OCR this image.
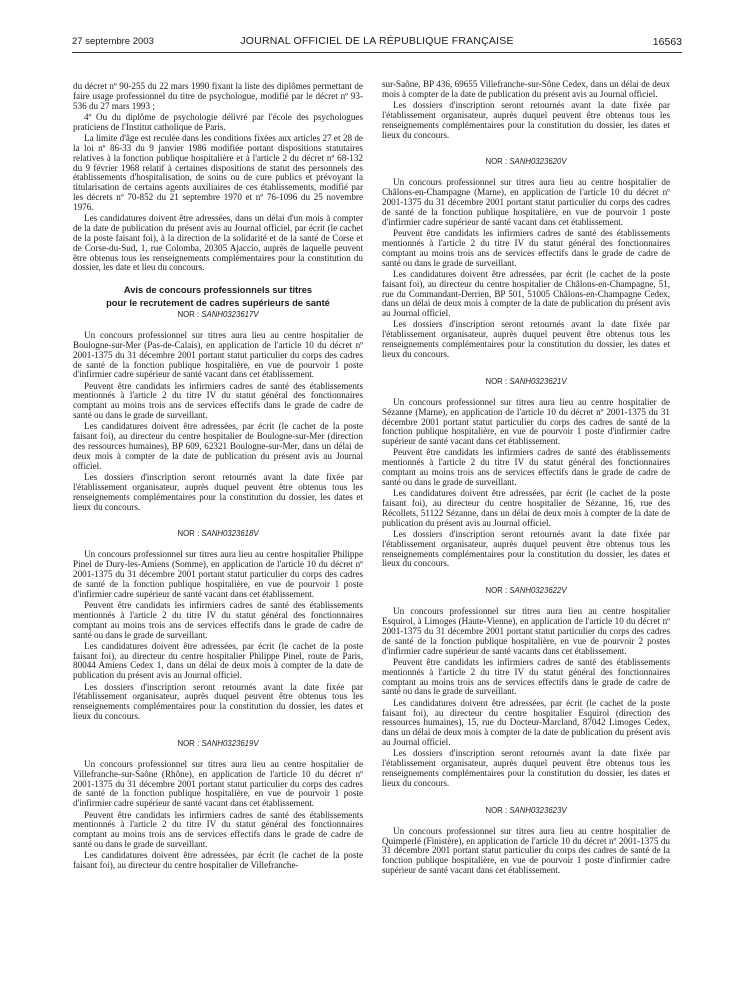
27 septembre 2003	JOURNAL OFFICIEL DE LA RÉPUBLIQUE FRANÇAISE	16563

du décret nº 90-255 du 22 mars 1990 fixant la liste des diplômes permettant de faire usage professionnel du titre de psychologue, modifié par le décret nº 93-536 du 27 mars 1993 ;

4º Ou du diplôme de psychologie délivré par l'école des psychologues praticiens de l'Institut catholique de Paris.

La limite d'âge est reculée dans les conditions fixées aux articles 27 et 28 de la loi nº 86-33 du 9 janvier 1986 modifiée portant dispositions statutaires relatives à la fonction publique hospitalière et à l'article 2 du décret nº 68-132 du 9 février 1968 relatif à certaines dispositions de statut des personnels des établissements d'hospitalisation, de soins ou de cure publics et prévoyant la titularisation de certains agents auxiliaires de ces établissements, modifié par les décrets nº 70-852 du 21 septembre 1970 et nº 76-1096 du 25 novembre 1976.

Les candidatures doivent être adressées, dans un délai d'un mois à compter de la date de publication du présent avis au Journal officiel, par écrit (le cachet de la poste faisant foi), à la direction de la solidarité et de la santé de Corse et de Corse-du-Sud, 1, rue Colomba, 20305 Ajaccio, auprès de laquelle peuvent être obtenus tous les renseignements complémentaires pour la constitution du dossier, les date et lieu du concours.

Avis de concours professionnels sur titres
pour le recrutement de cadres supérieurs de santé
NOR : SANH0323617V

Un concours professionnel sur titres aura lieu au centre hospitalier de Boulogne-sur-Mer (Pas-de-Calais), en application de l'article 10 du décret nº 2001-1375 du 31 décembre 2001 portant statut particulier du corps des cadres de santé de la fonction publique hospitalière, en vue de pourvoir 1 poste d'infirmier cadre supérieur de santé vacant dans cet établissement.

Peuvent être candidats les infirmiers cadres de santé des établissements mentionnés à l'article 2 du titre IV du statut général des fonctionnaires comptant au moins trois ans de services effectifs dans le grade de cadre de santé ou dans le grade de surveillant.

Les candidatures doivent être adressées, par écrit (le cachet de la poste faisant foi), au directeur du centre hospitalier de Boulogne-sur-Mer (direction des ressources humaines), BP 609, 62321 Boulogne-sur-Mer, dans un délai de deux mois à compter de la date de publication du présent avis au Journal officiel.

Les dossiers d'inscription seront retournés avant la date fixée par l'établissement organisateur, auprès duquel peuvent être obtenus tous les renseignements complémentaires pour la constitution du dossier, les dates et lieux du concours.

NOR : SANH0323618V

Un concours professionnel sur titres aura lieu au centre hospitalier Philippe Pinel de Dury-les-Amiens (Somme), en application de l'article 10 du décret nº 2001-1375 du 31 décembre 2001 portant statut particulier du corps des cadres de santé de la fonction publique hospitalière, en vue de pourvoir 1 poste d'infirmier cadre supérieur de santé vacant dans cet établissement.

Peuvent être candidats les infirmiers cadres de santé des établissements mentionnés à l'article 2 du titre IV du statut général des fonctionnaires comptant au moins trois ans de services effectifs dans le grade de cadre de santé ou dans le grade de surveillant.

Les candidatures doivent être adressées, par écrit (le cachet de la poste faisant foi), au directeur du centre hospitalier Philippe Pinel, route de Paris, 80044 Amiens Cedex 1, dans un délai de deux mois à compter de la date de publication du présent avis au Journal officiel.

Les dossiers d'inscription seront retournés avant la date fixée par l'établissement organisateur, auprès duquel peuvent être obtenus tous les renseignements complémentaires pour la constitution du dossier, les dates et lieux du concours.

NOR : SANH0323619V

Un concours professionnel sur titres aura lieu au centre hospitalier de Villefranche-sur-Saône (Rhône), en application de l'article 10 du décret nº 2001-1375 du 31 décembre 2001 portant statut particulier du corps des cadres de santé de la fonction publique hospitalière, en vue de pourvoir 1 poste d'infirmier cadre supérieur de santé vacant dans cet établissement.

Peuvent être candidats les infirmiers cadres de santé des établissements mentionnés à l'article 2 du titre IV du statut général des fonctionnaires comptant au moins trois ans de services effectifs dans le grade de cadre de santé ou dans le grade de surveillant.

Les candidatures doivent être adressées, par écrit (le cachet de la poste faisant foi), au directeur du centre hospitalier de Villefranche-

sur-Saône, BP 436, 69655 Villefranche-sur-Sône Cedex, dans un délai de deux mois à compter de la date de publication du présent avis au Journal officiel.

Les dossiers d'inscription seront retournés avant la date fixée par l'établissement organisateur, auprès duquel peuvent être obtenus tous les renseignements complémentaires pour la constitution du dossier, les dates et lieux du concours.

NOR : SANH0323620V

Un concours professionnel sur titres aura lieu au centre hospitalier de Châlons-en-Champagne (Marne), en application de l'article 10 du décret nº 2001-1375 du 31 décembre 2001 portant statut particulier du corps des cadres de santé de la fonction publique hospitalière, en vue de pourvoir 1 poste d'infirmier cadre supérieur de santé vacant dans cet établissement.

Peuvent être candidats les infirmiers cadres de santé des établissements mentionnés à l'article 2 du titre IV du statut général des fonctionnaires comptant au moins trois ans de services effectifs dans le grade de cadre de santé ou dans le grade de surveillant.

Les candidatures doivent être adressées, par écrit (le cachet de la poste faisant foi), au directeur du centre hospitalier de Châlons-en-Champagne, 51, rue du Commandant-Derrien, BP 501, 51005 Châlons-en-Champagne Cedex, dans un délai de deux mois à compter de la date de publication du présent avis au Journal officiel.

Les dossiers d'inscription seront retournés avant la date fixée par l'établissement organisateur, auprès duquel peuvent être obtenus tous les renseignements complémentaires pour la constitution du dossier, les dates et lieux du concours.

NOR : SANH0323621V

Un concours professionnel sur titres aura lieu au centre hospitalier de Sézanne (Marne), en application de l'article 10 du décret nº 2001-1375 du 31 décembre 2001 portant statut particulier du corps des cadres de santé de la fonction publique hospitalière, en vue de pourvoir 1 poste d'infirmier cadre supérieur de santé vacant dans cet établissement.

Peuvent être candidats les infirmiers cadres de santé des établissements mentionnés à l'article 2 du titre IV du statut général des fonctionnaires comptant au moins trois ans de services effectifs dans le grade de cadre de santé ou dans le grade de surveillant.

Les candidatures doivent être adressées, par écrit (le cachet de la poste faisant foi), au directeur du centre hospitalier de Sézanne, 16, rue des Récollets, 51122 Sézanne, dans un délai de deux mois à compter de la date de publication du présent avis au Journal officiel.

Les dossiers d'inscription seront retournés avant la date fixée par l'établissement organisateur, auprès duquel peuvent être obtenus tous les renseignements complémentaires pour la constitution du dossier, les dates et lieux du concours.

NOR : SANH0323622V

Un concours professionnel sur titres aura lieu au centre hospitalier Esquirol, à Limoges (Haute-Vienne), en application de l'article 10 du décret nº 2001-1375 du 31 décembre 2001 portant statut particulier du corps des cadres de santé de la fonction publique hospitalière, en vue de pourvoir 2 postes d'infirmier cadre supérieur de santé vacants dans cet établissement.

Peuvent être candidats les infirmiers cadres de santé des établissements mentionnés à l'article 2 du titre IV du statut général des fonctionnaires comptant au moins trois ans de services effectifs dans le grade de cadre de santé ou dans le grade de surveillant.

Les candidatures doivent être adressées, par écrit (le cachet de la poste faisant foi), au directeur du centre hospitalier Esquirol (direction des ressources humaines), 15, rue du Docteur-Marcland, 87042 Limoges Cedex, dans un délai de deux mois à compter de la date de publication du présent avis au Journal officiel.

Les dossiers d'inscription seront retournés avant la date fixée par l'établissement organisateur, auprès duquel peuvent être obtenus tous les renseignements complémentaires pour la constitution du dossier, les dates et lieux du concours.

NOR : SANH0323623V

Un concours professionnel sur titres aura lieu au centre hospitalier de Quimperlé (Finistère), en application de l'article 10 du décret nº 2001-1375 du 31 décembre 2001 portant statut particulier du corps des cadres de santé de la fonction publique hospitalière, en vue de pourvoir 1 poste d'infirmier cadre supérieur de santé vacant dans cet établissement.
